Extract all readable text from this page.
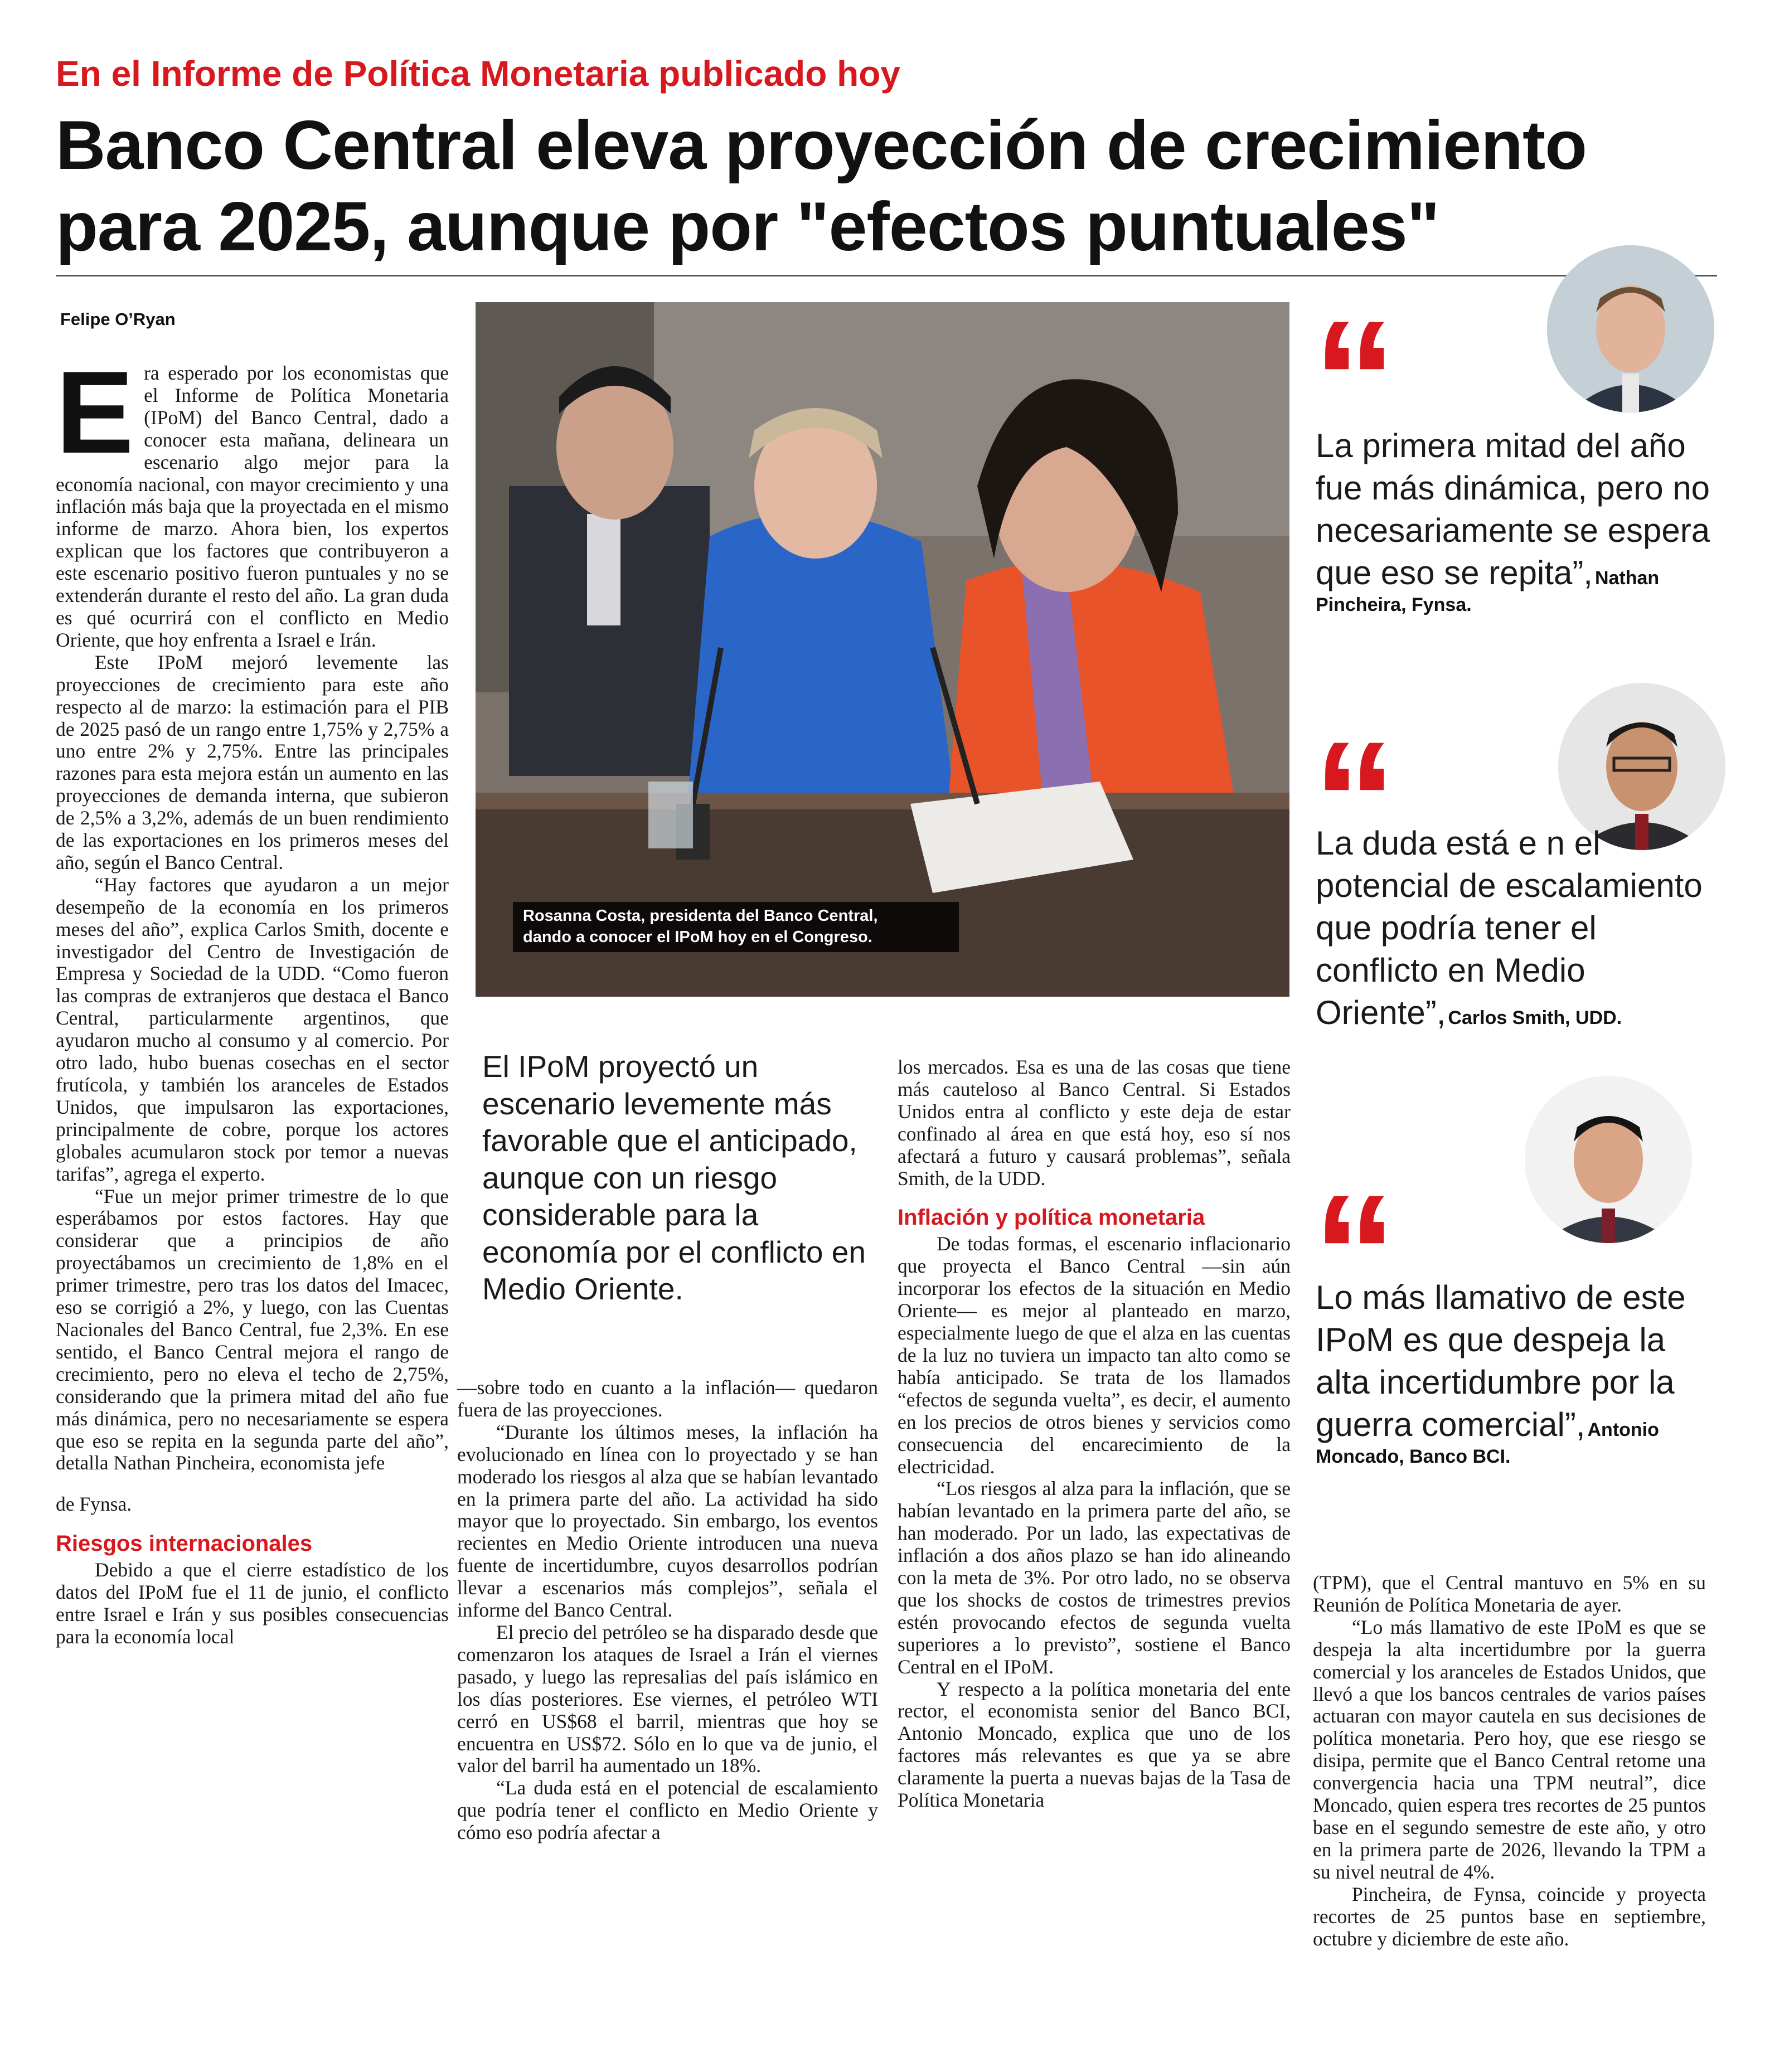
En el Informe de Política Monetaria publicado hoy
Banco Central eleva proyección de crecimiento
para 2025, aunque por "efectos puntuales"
Felipe O’Ryan
E ra esperado por los economistas que el Informe de Política Monetaria (IPoM) del Banco Central, dado a conocer esta mañana, delineara un escenario algo mejor para la economía nacional, con mayor crecimiento y una inflación más baja que la proyectada en el mismo informe de marzo. Ahora bien, los expertos explican que los factores que contribuyeron a este escenario positivo fueron puntuales y no se extenderán durante el resto del año. La gran duda es qué ocurrirá con el conflicto en Medio Oriente, que hoy enfrenta a Israel e Irán.

Este IPoM mejoró levemente las proyecciones de crecimiento para este año respecto al de marzo: la estimación para el PIB de 2025 pasó de un rango entre 1,75% y 2,75% a uno entre 2% y 2,75%. Entre las principales razones para esta mejora están un aumento en las proyecciones de demanda interna, que subieron de 2,5% a 3,2%, además de un buen rendimiento de las exportaciones en los primeros meses del año, según el Banco Central.

“Hay factores que ayudaron a un mejor desempeño de la economía en los primeros meses del año”, explica Carlos Smith, docente e investigador del Centro de Investigación de Empresa y Sociedad de la UDD. “Como fueron las compras de extranjeros que destaca el Banco Central, particularmente argentinos, que ayudaron mucho al consumo y al comercio. Por otro lado, hubo buenas cosechas en el sector frutícola, y también los aranceles de Estados Unidos, que impulsaron las exportaciones, principalmente de cobre, porque los actores globales acumularon stock por temor a nuevas tarifas”, agrega el experto.

“Fue un mejor primer trimestre de lo que esperábamos por estos factores. Hay que considerar que a principios de año proyectábamos un crecimiento de 1,8% en el primer trimestre, pero tras los datos del Imacec, eso se corrigió a 2%, y luego, con las Cuentas Nacionales del Banco Central, fue 2,3%. En ese sentido, el Banco Central mejora el rango de crecimiento, pero no eleva el techo de 2,75%, considerando que la primera mitad del año fue más dinámica, pero no necesariamente se espera que eso se repita en la segunda parte del año”, detalla Nathan Pincheira, economista jefe

de Fynsa.

Riesgos internacionales

Debido a que el cierre estadístico de los datos del IPoM fue el 11 de junio, el conflicto entre Israel e Irán y sus posibles consecuencias para la economía local

Rosanna Costa, presidenta del Banco Central,
dando a conocer el IPoM hoy en el Congreso.
El IPoM proyectó un escenario levemente más favorable que el anticipado, aunque con un riesgo considerable para la economía por el conflicto en Medio Oriente.

—sobre todo en cuanto a la inflación— quedaron fuera de las proyecciones.

“Durante los últimos meses, la inflación ha evolucionado en línea con lo proyectado y se han moderado los riesgos al alza que se habían levantado en la primera parte del año. La actividad ha sido mayor que lo proyectado. Sin embargo, los eventos recientes en Medio Oriente introducen una nueva fuente de incertidumbre, cuyos desarrollos podrían llevar a escenarios más complejos”, señala el informe del Banco Central.

El precio del petróleo se ha disparado desde que comenzaron los ataques de Israel a Irán el viernes pasado, y luego las represalias del país islámico en los días posteriores. Ese viernes, el petróleo WTI cerró en US$68 el barril, mientras que hoy se encuentra en US$72. Sólo en lo que va de junio, el valor del barril ha aumentado un 18%.

“La duda está en el potencial de escalamiento que podría tener el conflicto en Medio Oriente y cómo eso podría afectar a

los mercados. Esa es una de las cosas que tiene más cauteloso al Banco Central. Si Estados Unidos entra al conflicto y este deja de estar confinado al área en que está hoy, eso sí nos afectará a futuro y causará problemas”, señala Smith, de la UDD.

Inflación y política monetaria

De todas formas, el escenario inflacionario que proyecta el Banco Central —sin aún incorporar los efectos de la situación en Medio Oriente— es mejor al planteado en marzo, especialmente luego de que el alza en las cuentas de la luz no tuviera un impacto tan alto como se había anticipado. Se trata de los llamados “efectos de segunda vuelta”, es decir, el aumento en los precios de otros bienes y servicios como consecuencia del encarecimiento de la electricidad.

“Los riesgos al alza para la inflación, que se habían levantado en la primera parte del año, se han moderado. Por un lado, las expectativas de inflación a dos años plazo se han ido alineando con la meta de 3%. Por otro lado, no se observa que los shocks de costos de trimestres previos estén provocando efectos de segunda vuelta superiores a lo previsto”, sostiene el Banco Central en el IPoM.

Y respecto a la política monetaria del ente rector, el economista senior del Banco BCI, Antonio Moncado, explica que uno de los factores más relevantes es que ya se abre claramente la puerta a nuevas bajas de la Tasa de Política Monetaria

(TPM), que el Central mantuvo en 5% en su Reunión de Política Monetaria de ayer.

“Lo más llamativo de este IPoM es que se despeja la alta incertidumbre por la guerra comercial y los aranceles de Estados Unidos, que llevó a que los bancos centrales de varios países actuaran con mayor cautela en sus decisiones de política monetaria. Pero hoy, que ese riesgo se disipa, permite que el Banco Central retome una convergencia hacia una TPM neutral”, dice Moncado, quien espera tres recortes de 25 puntos base en el segundo semestre de este año, y otro en la primera parte de 2026, llevando la TPM a su nivel neutral de 4%.

Pincheira, de Fynsa, coincide y proyecta recortes de 25 puntos base en septiembre, octubre y diciembre de este año.

“
La primera mitad del año fue más dinámica, pero no necesariamente se espera que eso se repita”, Nathan Pincheira, Fynsa.
“
La duda está e n el potencial de escalamiento que podría tener el conflicto en Medio Oriente”, Carlos Smith, UDD.
“
Lo más llamativo de este IPoM es que despeja la alta incertidumbre por la guerra comercial”, Antonio Moncado, Banco BCI.
